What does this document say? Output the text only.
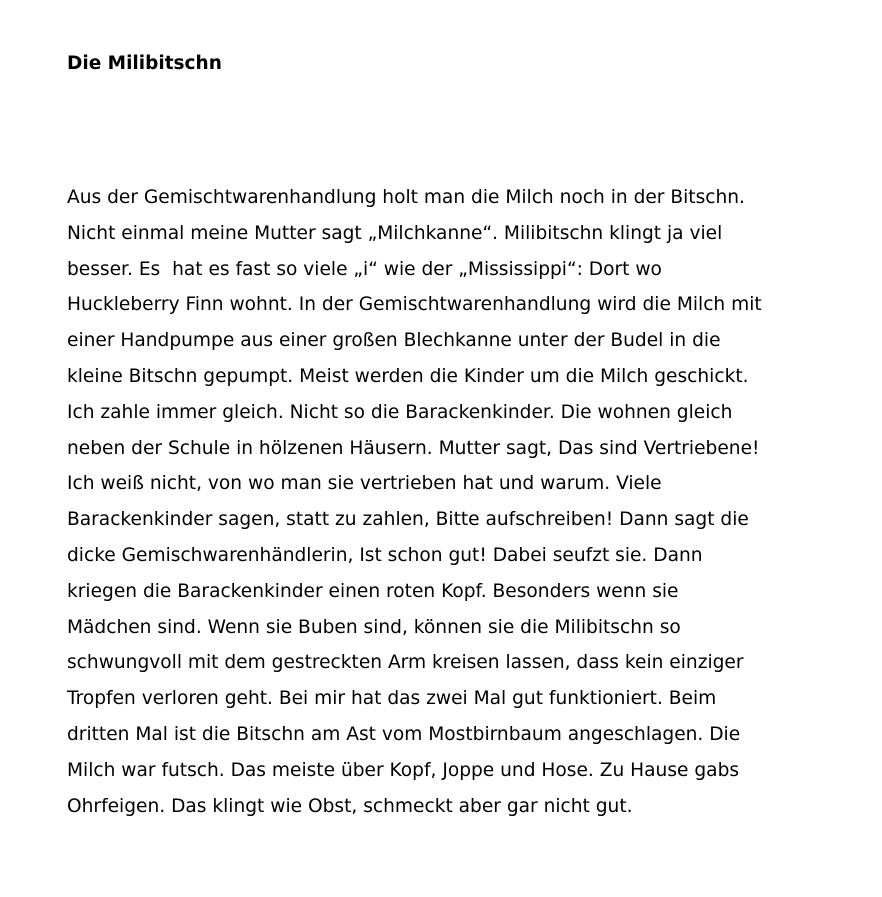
Die Milibitschn
Aus der Gemischtwarenhandlung holt man die Milch noch in der Bitschn.
Nicht einmal meine Mutter sagt „Milchkanne“. Milibitschn klingt ja viel
besser. Es  hat es fast so viele „i“ wie der „Mississippi“: Dort wo
Huckleberry Finn wohnt. In der Gemischtwarenhandlung wird die Milch mit
einer Handpumpe aus einer großen Blechkanne unter der Budel in die
kleine Bitschn gepumpt. Meist werden die Kinder um die Milch geschickt.
Ich zahle immer gleich. Nicht so die Barackenkinder. Die wohnen gleich
neben der Schule in hölzenen Häusern. Mutter sagt, Das sind Vertriebene!
Ich weiß nicht, von wo man sie vertrieben hat und warum. Viele
Barackenkinder sagen, statt zu zahlen, Bitte aufschreiben! Dann sagt die
dicke Gemischwarenhändlerin, Ist schon gut! Dabei seufzt sie. Dann
kriegen die Barackenkinder einen roten Kopf. Besonders wenn sie
Mädchen sind. Wenn sie Buben sind, können sie die Milibitschn so
schwungvoll mit dem gestreckten Arm kreisen lassen, dass kein einziger
Tropfen verloren geht. Bei mir hat das zwei Mal gut funktioniert. Beim
dritten Mal ist die Bitschn am Ast vom Mostbirnbaum angeschlagen. Die
Milch war futsch. Das meiste über Kopf, Joppe und Hose. Zu Hause gabs
Ohrfeigen. Das klingt wie Obst, schmeckt aber gar nicht gut.
